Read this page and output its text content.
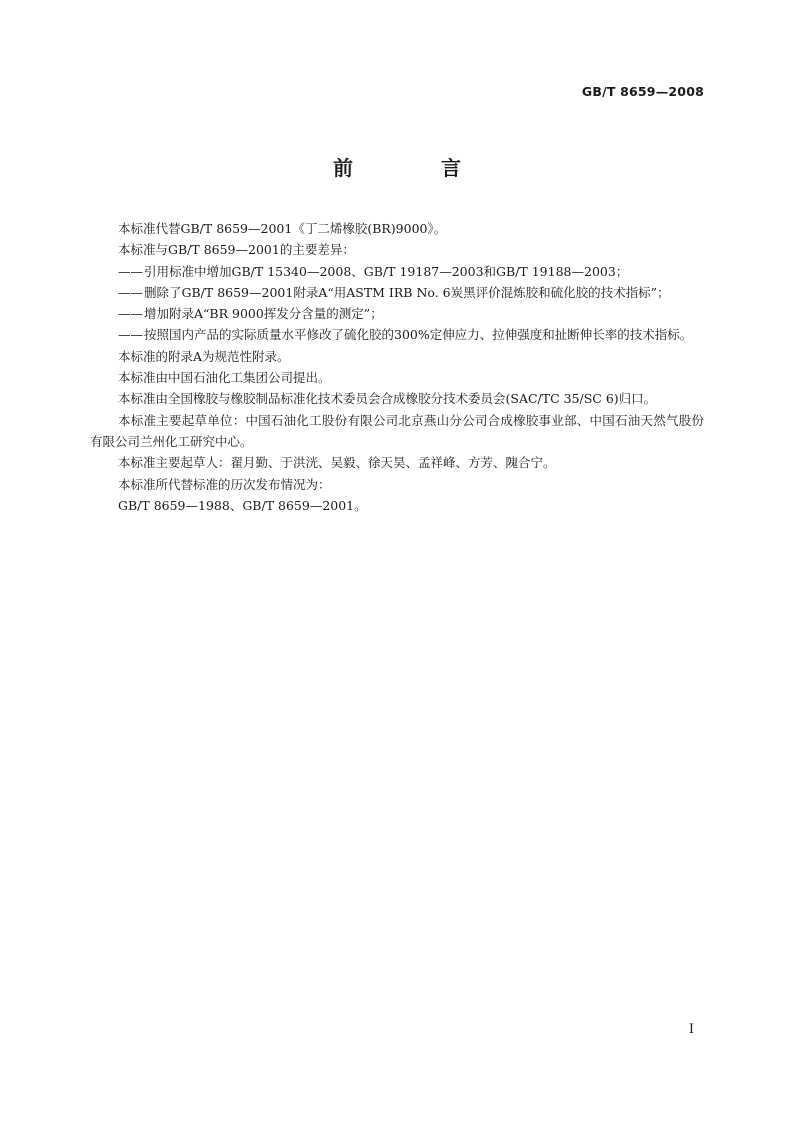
GB/T 8659—2008
前　言

本标准代替GB/T 8659—2001《丁二烯橡胶(BR)9000》。

本标准与GB/T 8659—2001的主要差异：

——引用标准中增加GB/T 15340—2008、GB/T 19187—2003和GB/T 19188—2003；

——删除了GB/T 8659—2001附录A“用ASTM IRB No. 6炭黑评价混炼胶和硫化胶的技术指标”；

——增加附录A“BR 9000挥发分含量的测定”；

——按照国内产品的实际质量水平修改了硫化胶的300%定伸应力、拉伸强度和扯断伸长率的技术指标。

本标准的附录A为规范性附录。

本标准由中国石油化工集团公司提出。

本标准由全国橡胶与橡胶制品标准化技术委员会合成橡胶分技术委员会(SAC/TC 35/SC 6)归口。

本标准主要起草单位：中国石油化工股份有限公司北京燕山分公司合成橡胶事业部、中国石油天然气股份有限公司兰州化工研究中心。

本标准主要起草人：翟月勤、于洪洸、吴毅、徐天昊、孟祥峰、方芳、隗合宁。

本标准所代替标准的历次发布情况为：

GB/T 8659—1988、GB/T 8659—2001。

I
